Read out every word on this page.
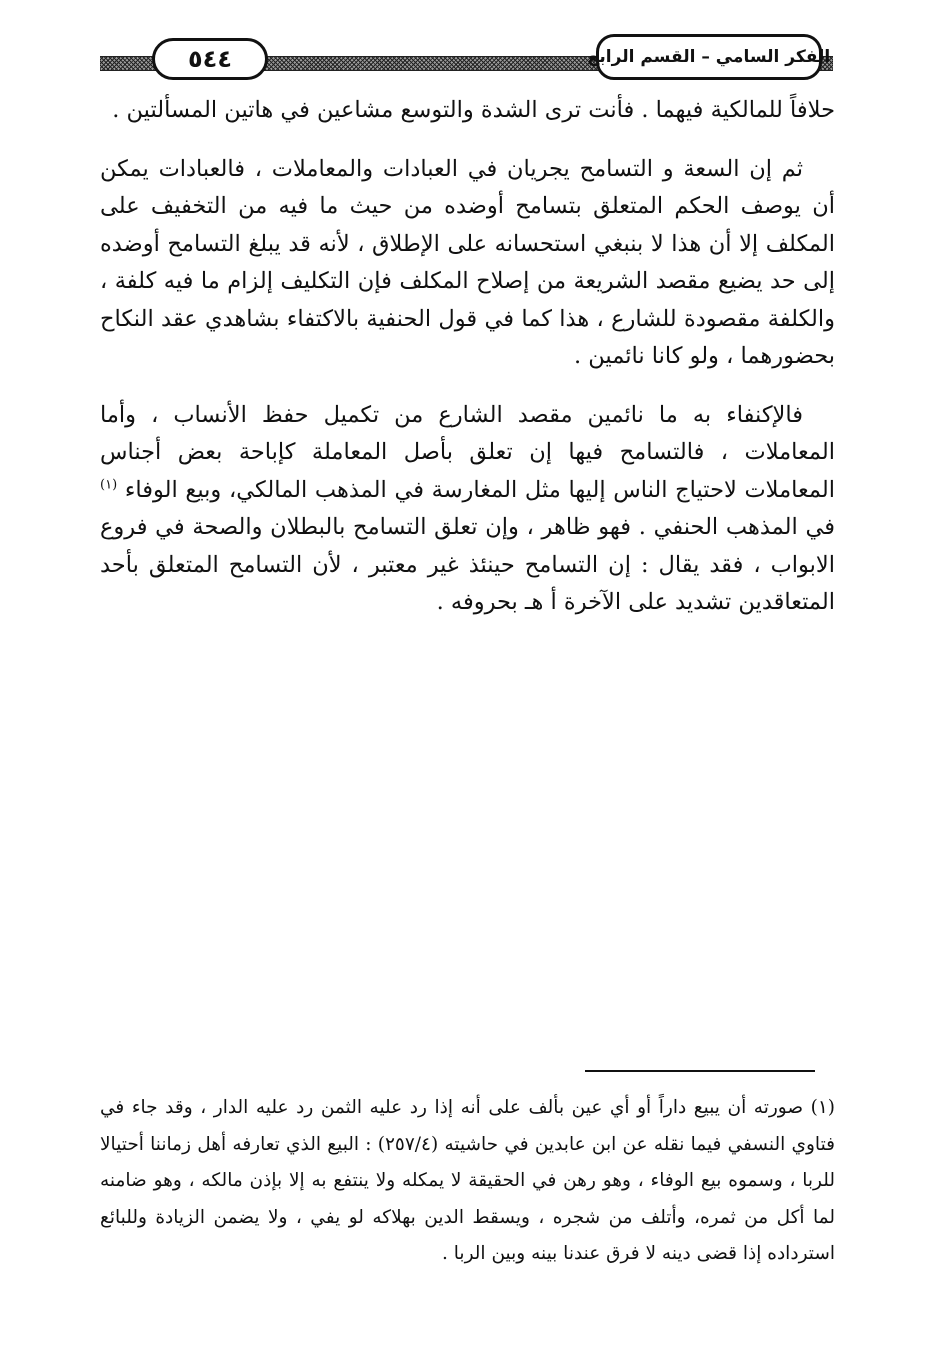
٥٤٤	الفكر السامي – القسم الرابع

حلافاً للمالكية فيهما . فأنت ترى الشدة والتوسع مشاعين في هاتين المسألتين .

ثم إن السعة و التسامح يجريان في العبادات والمعاملات ، فالعبادات يمكن أن يوصف الحكم المتعلق بتسامح أوضده من حيث ما فيه من التخفيف على المكلف إلا أن هذا لا بنبغي استحسانه على الإطلاق ، لأنه قد يبلغ التسامح أوضده إلى حد يضيع مقصد الشريعة من إصلاح المكلف فإن التكليف إلزام ما فيه كلفة ، والكلفة مقصودة للشارع ، هذا كما في قول الحنفية بالاكتفاء بشاهدي عقد النكاح بحضورهما ، ولو كانا نائمين .

فالإكنفاء به ما نائمين مقصد الشارع من تكميل حفظ الأنساب ، وأما المعاملات ، فالتسامح فيها إن تعلق بأصل المعاملة كإباحة بعض أجناس المعاملات لاحتياج الناس إليها مثل المغارسة في المذهب المالكي، وبيع الوفاء $^{(١)}$ في المذهب الحنفي . فهو ظاهر ، وإن تعلق التسامح بالبطلان والصحة في فروع الابواب ، فقد يقال : إن التسامح حينئذ غير معتبر ، لأن التسامح المتعلق بأحد المتعاقدين تشديد على الآخرة أ هـ بحروفه .

(١) صورته أن يبيع داراً أو أي عين بألف على أنه إذا رد عليه الثمن رد عليه الدار ، وقد جاء في فتاوي النسفي فيما نقله عن ابن عابدين في حاشيته (٢٥٧/٤) : البيع الذي تعارفه أهل زماننا أحتيالا للربا ، وسموه بيع الوفاء ، وهو رهن في الحقيقة لا يمكله ولا ينتفع به إلا بإذن مالكه ، وهو ضامنه لما أكل من ثمره، وأتلف من شجره ، ويسقط الدين بهلاكه لو يفي ، ولا يضمن الزيادة وللبائع استرداده إذا قضى دينه لا فرق عندنا بينه وبين الربا .
